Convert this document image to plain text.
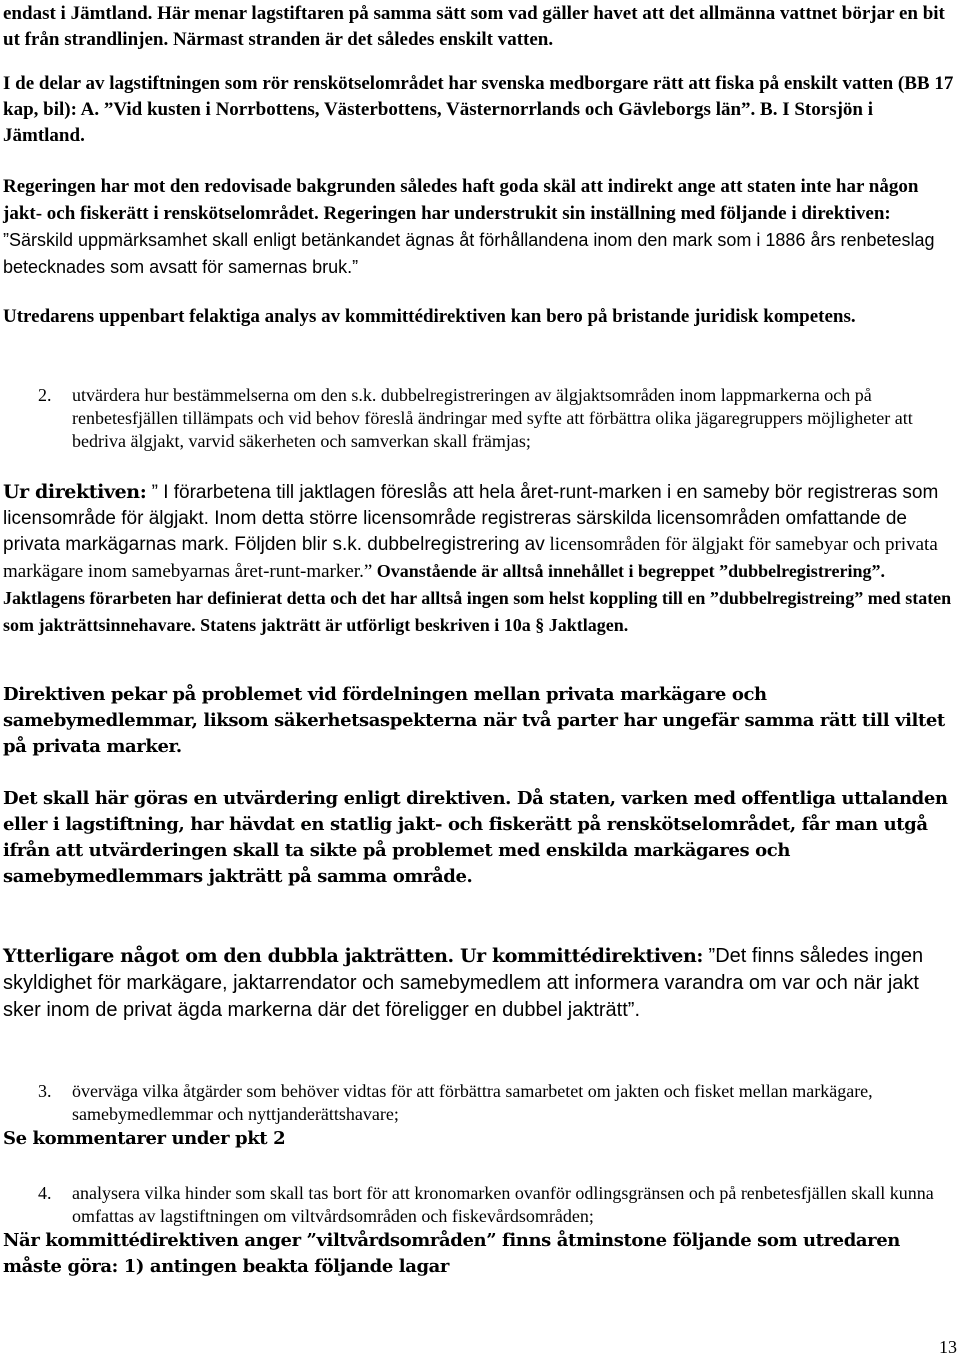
endast i Jämtland. Här menar lagstiftaren på samma sätt som vad gäller havet att det allmänna vattnet börjar en bit ut från strandlinjen. Närmast stranden är det således enskilt vatten.

I de delar av lagstiftningen som rör renskötselområdet har svenska medborgare rätt att fiska på enskilt vatten (BB 17 kap, bil): A. ”Vid kusten i Norrbottens, Västerbottens, Västernorrlands och Gävleborgs län”. B. I Storsjön i Jämtland.

Regeringen har mot den redovisade bakgrunden således haft goda skäl att indirekt ange att staten inte har någon jakt- och fiskerätt i renskötselområdet. Regeringen har understrukit sin inställning med följande i direktiven: ”Särskild uppmärksamhet skall enligt betänkandet ägnas åt förhållandena inom den mark som i 1886 års renbeteslag betecknades som avsatt för samernas bruk.”

Utredarens uppenbart felaktiga analys av kommittédirektiven kan bero på bristande juridisk kompetens.

2. utvärdera hur bestämmelserna om den s.k. dubbelregistreringen av älgjaktsområden inom lappmarkerna och på renbetesfjällen tillämpats och vid behov föreslå ändringar med syfte att förbättra olika jägaregruppers möjligheter att bedriva älgjakt, varvid säkerheten och samverkan skall främjas;

Ur direktiven: ” I förarbetena till jaktlagen föreslås att hela året-runt-marken i en sameby bör registreras som licensområde för älgjakt. Inom detta större licensområde registreras särskilda licensområden omfattande de privata markägarnas mark. Följden blir s.k. dubbelregistrering av licensområden för älgjakt för samebyar och privata markägare inom samebyarnas året-runt-marker.” Ovanstående är alltså innehållet i begreppet ”dubbelregistrering”. Jaktlagens förarbeten har definierat detta och det har alltså ingen som helst koppling till en ”dubbelregistreing” med staten som jakträttsinnehavare. Statens jakträtt är utförligt beskriven i 10a § Jaktlagen.

Direktiven pekar på problemet vid fördelningen mellan privata markägare och samebymedlemmar, liksom säkerhetsaspekterna när två parter har ungefär samma rätt till viltet på privata marker.

Det skall här göras en utvärdering enligt direktiven. Då staten, varken med offentliga uttalanden eller i lagstiftning, har hävdat en statlig jakt- och fiskerätt på renskötselområdet, får man utgå ifrån att utvärderingen skall ta sikte på problemet med enskilda markägares och samebymedlemmars jakträtt på samma område.

Ytterligare något om den dubbla jakträtten. Ur kommittédirektiven: ”Det finns således ingen skyldighet för markägare, jaktarrendator och samebymedlem att informera varandra om var och när jakt sker inom de privat ägda markerna där det föreligger en dubbel jakträtt”.

3. överväga vilka åtgärder som behöver vidtas för att förbättra samarbetet om jakten och fisket mellan markägare, samebymedlemmar och nyttjanderättshavare;

Se kommentarer under pkt 2

4. analysera vilka hinder som skall tas bort för att kronomarken ovanför odlingsgränsen och på renbetesfjällen skall kunna omfattas av lagstiftningen om viltvårdsområden och fiskevårdsområden;

När kommittédirektiven anger ”viltvårdsområden” finns åtminstone följande som utredaren måste göra: 1) antingen beakta följande lagar

13
